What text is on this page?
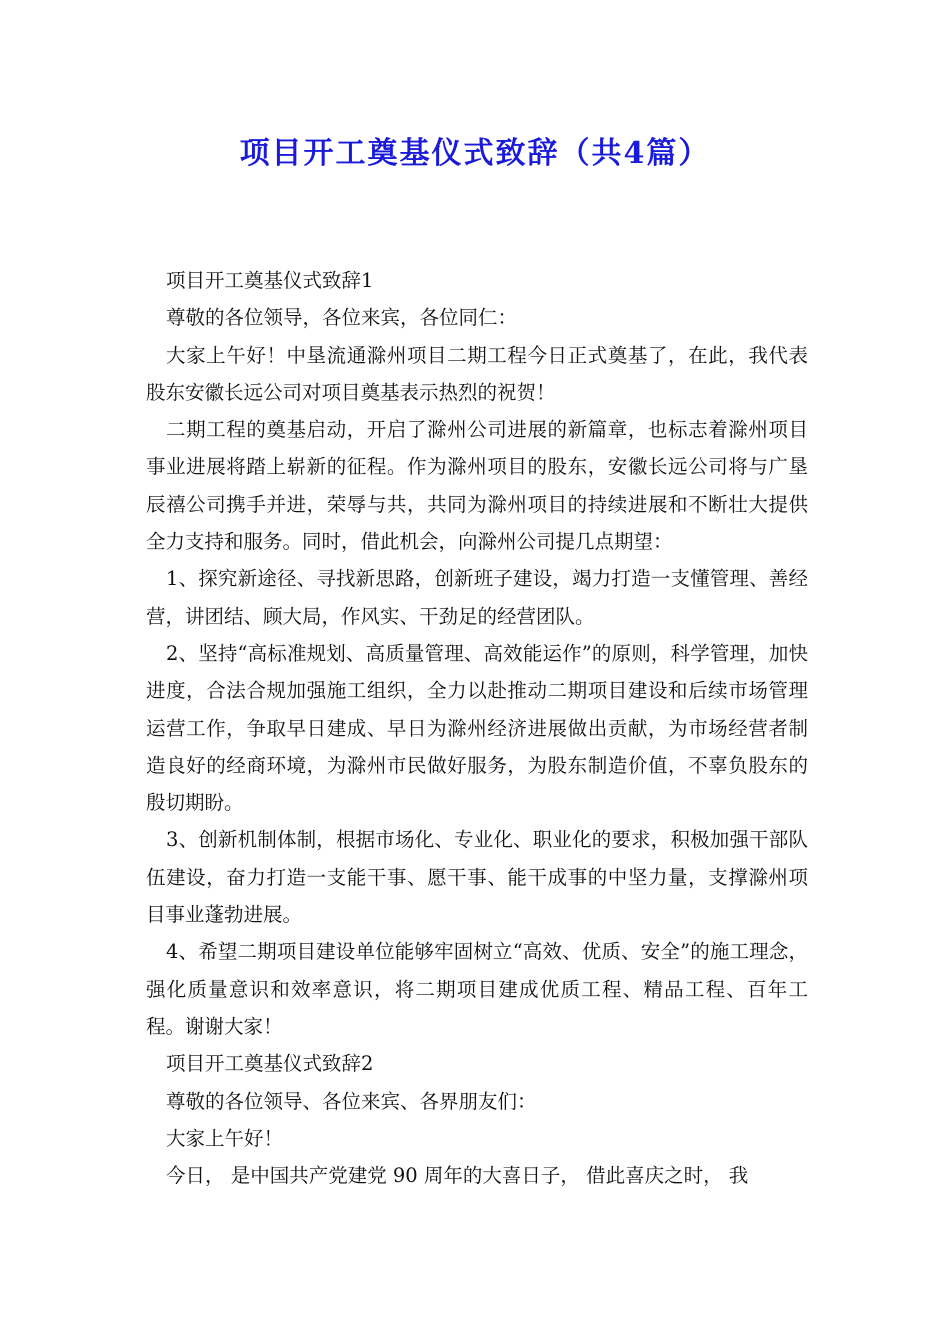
项目开工奠基仪式致辞（共4篇）

项目开工奠基仪式致辞1

尊敬的各位领导，各位来宾，各位同仁：

大家上午好！中垦流通滁州项目二期工程今日正式奠基了，在此，我代表股东安徽长远公司对项目奠基表示热烈的祝贺！

二期工程的奠基启动，开启了滁州公司进展的新篇章，也标志着滁州项目事业进展将踏上崭新的征程。作为滁州项目的股东，安徽长远公司将与广垦辰禧公司携手并进，荣辱与共，共同为滁州项目的持续进展和不断壮大提供全力支持和服务。同时，借此机会，向滁州公司提几点期望：

1、探究新途径、寻找新思路，创新班子建设，竭力打造一支懂管理、善经营，讲团结、顾大局，作风实、干劲足的经营团队。

2、坚持“高标准规划、高质量管理、高效能运作”的原则，科学管理，加快进度，合法合规加强施工组织，全力以赴推动二期项目建设和后续市场管理运营工作，争取早日建成、早日为滁州经济进展做出贡献，为市场经营者制造良好的经商环境，为滁州市民做好服务，为股东制造价值，不辜负股东的殷切期盼。

3、创新机制体制，根据市场化、专业化、职业化的要求，积极加强干部队伍建设，奋力打造一支能干事、愿干事、能干成事的中坚力量，支撑滁州项目事业蓬勃进展。

4、希望二期项目建设单位能够牢固树立“高效、优质、安全”的施工理念，强化质量意识和效率意识，将二期项目建成优质工程、精品工程、百年工程。谢谢大家！

项目开工奠基仪式致辞2

尊敬的各位领导、各位来宾、各界朋友们：

大家上午好！

今日， 是中国共产党建党 90 周年的大喜日子， 借此喜庆之时， 我
